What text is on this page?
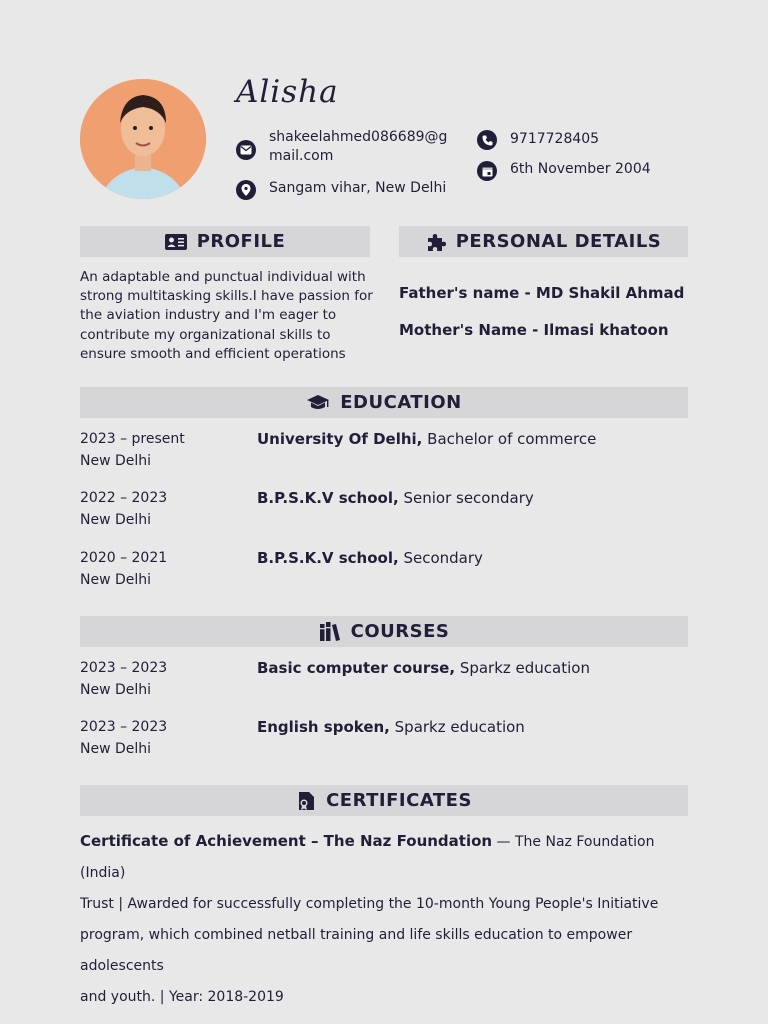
Alisha
shakeelahmed086689@gmail.com
Sangam vihar, New Delhi
9717728405
6th November 2004
PROFILE
An adaptable and punctual individual with
strong multitasking skills.I have passion for
the aviation industry and I'm eager to
contribute my organizational skills to
ensure smooth and efficient operations
PERSONAL DETAILS
Father's name - MD Shakil Ahmad
Mother's Name - Ilmasi khatoon
EDUCATION
2023 – present
New Delhi
University Of Delhi, Bachelor of commerce
2022 – 2023
New Delhi
B.P.S.K.V school, Senior secondary
2020 – 2021
New Delhi
B.P.S.K.V school, Secondary
COURSES
2023 – 2023
New Delhi
Basic computer course, Sparkz education
2023 – 2023
New Delhi
English spoken, Sparkz education
CERTIFICATES
Certificate of Achievement – The Naz Foundation — The Naz Foundation (India)
Trust | Awarded for successfully completing the 10-month Young People's Initiative
program, which combined netball training and life skills education to empower adolescents
and youth. | Year: 2018-2019
